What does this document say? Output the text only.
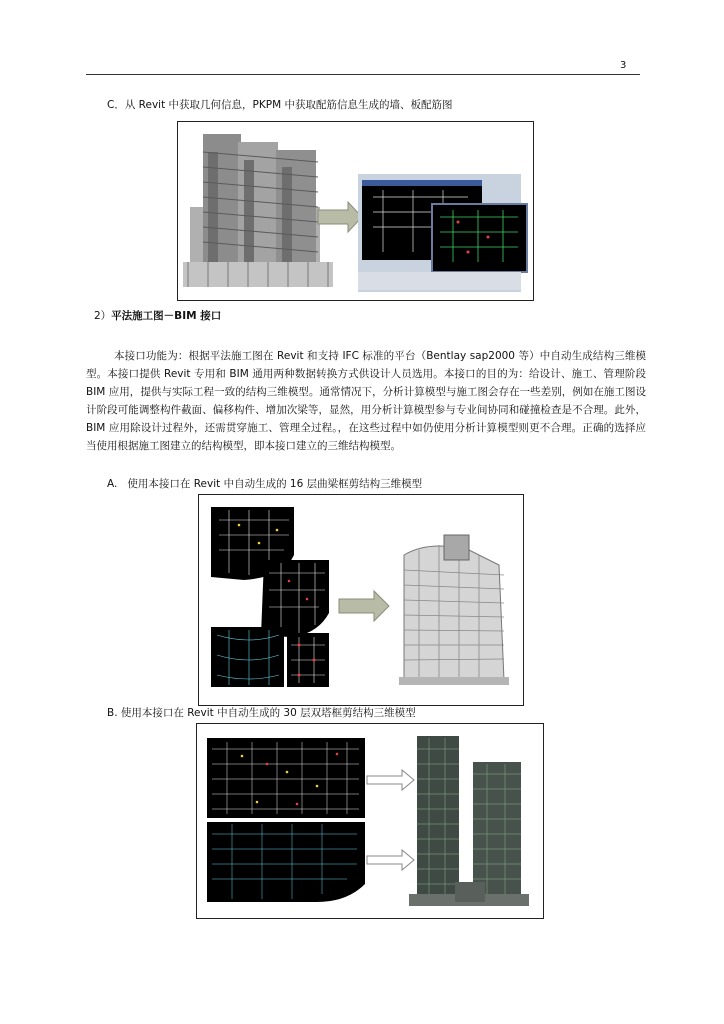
3
C．从 Revit 中获取几何信息，PKPM 中获取配筋信息生成的墙、板配筋图
2）平法施工图－BIM 接口

本接口功能为：根据平法施工图在 Revit 和支持 IFC 标准的平台（Bentlay sap2000 等）中自动生成结构三维模型。本接口提供 Revit 专用和 BIM 通用两种数据转换方式供设计人员选用。本接口的目的为：给设计、施工、管理阶段 BIM 应用，提供与实际工程一致的结构三维模型。通常情况下，分析计算模型与施工图会存在一些差别，例如在施工图设计阶段可能调整构件截面、偏移构件、增加次梁等，显然，用分析计算模型参与专业间协同和碰撞检查是不合理。此外， BIM 应用除设计过程外，还需贯穿施工、管理全过程。，在这些过程中如仍使用分析计算模型则更不合理。正确的选择应当使用根据施工图建立的结构模型，即本接口建立的三维结构模型。

A. 使用本接口在 Revit 中自动生成的 16 层曲梁框剪结构三维模型
B. 使用本接口在 Revit 中自动生成的 30 层双塔框剪结构三维模型
